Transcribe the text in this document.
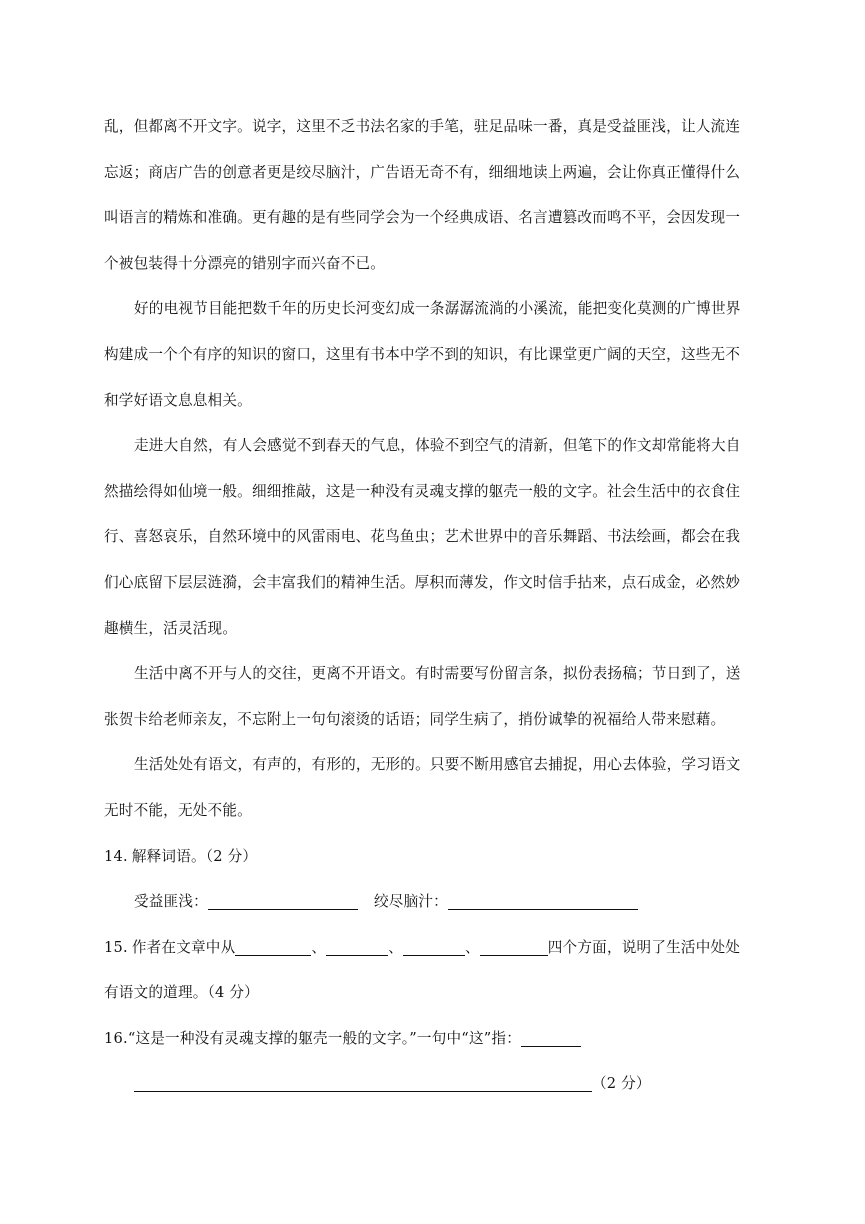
乱，但都离不开文字。说字，这里不乏书法名家的手笔，驻足品味一番，真是受益匪浅，让人流连
忘返；商店广告的创意者更是绞尽脑汁，广告语无奇不有，细细地读上两遍，会让你真正懂得什么
叫语言的精炼和准确。更有趣的是有些同学会为一个经典成语、名言遭篡改而鸣不平，会因发现一
个被包装得十分漂亮的错别字而兴奋不已。
好的电视节目能把数千年的历史长河变幻成一条潺潺流淌的小溪流，能把变化莫测的广博世界
构建成一个个有序的知识的窗口，这里有书本中学不到的知识，有比课堂更广阔的天空，这些无不
和学好语文息息相关。
走进大自然，有人会感觉不到春天的气息，体验不到空气的清新，但笔下的作文却常能将大自
然描绘得如仙境一般。细细推敲，这是一种没有灵魂支撑的躯壳一般的文字。社会生活中的衣食住
行、喜怒哀乐，自然环境中的风雷雨电、花鸟鱼虫；艺术世界中的音乐舞蹈、书法绘画，都会在我
们心底留下层层涟漪，会丰富我们的精神生活。厚积而薄发，作文时信手拈来，点石成金，必然妙
趣横生，活灵活现。
生活中离不开与人的交往，更离不开语文。有时需要写份留言条，拟份表扬稿；节日到了，送
张贺卡给老师亲友，不忘附上一句句滚烫的话语；同学生病了，捎份诚挚的祝福给人带来慰藉。
生活处处有语文，有声的，有形的，无形的。只要不断用感官去捕捉，用心去体验，学习语文
无时不能，无处不能。
14. 解释词语。（2 分）
受益匪浅：	绞尽脑汁：
15. 作者在文章中从	、	、	、	四个方面，说明了生活中处处
有语文的道理。（4 分）
16.“这是一种没有灵魂支撑的躯壳一般的文字。”一句中“这”指：
（2 分）
